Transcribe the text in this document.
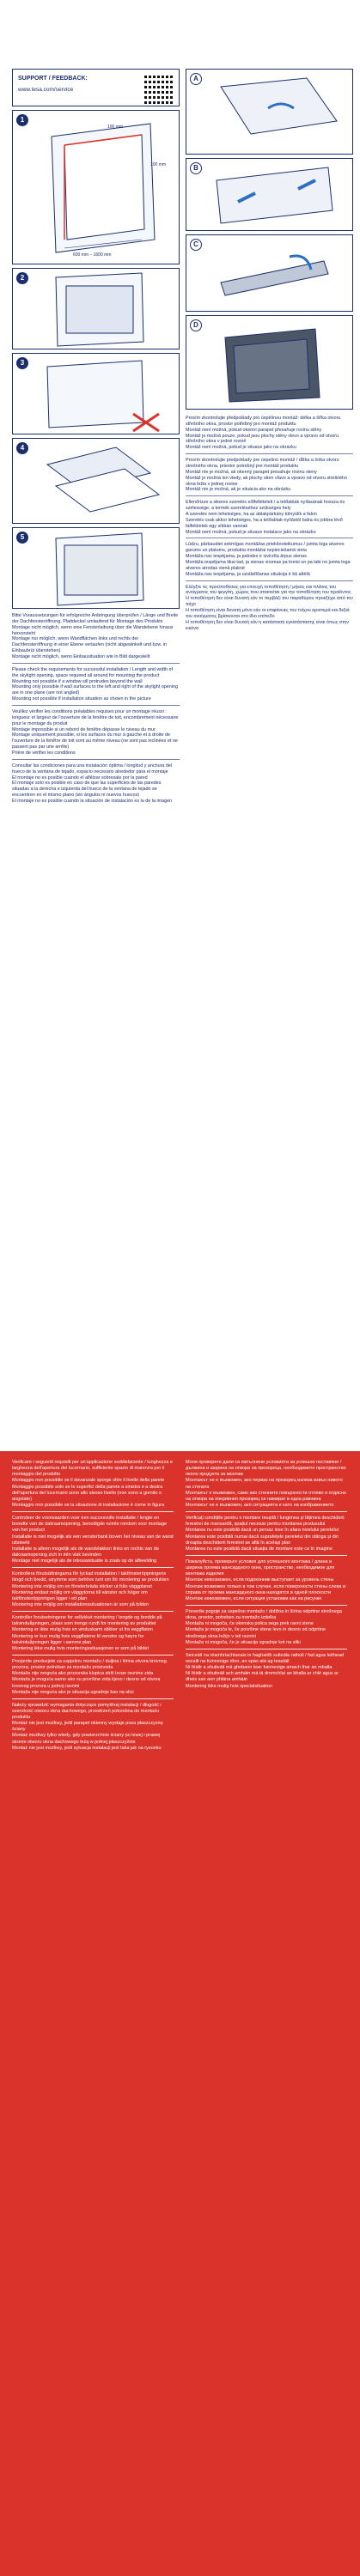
SUPPORT / FEEDBACK:
www.tesa.com/service
1
100 mm
100 mm
600 mm – 1600 mm
2
3
4
5
A
B
C
D

Bitte Voraussetzungen für erfolgreiche Anbringung überprüfen / Länge und Breite der Dachfensteröffnung, Plattdeckel umlaufend für Montage des Produkts

Montage nicht möglich, wenn eine Fensterlaibung über die Wandebene hinaus hervorsteht

Montage nur möglich, wenn Wandflächen links und rechts der Dachfensteröffnung in einer Ebene verlaufen (nicht abgewinkelt und bzw. in Einbaubrüt überstehen)

Montage nicht möglich, wenn Einbausituation wie in Bild dargestellt

Please check the requirements for successful installation / Length and width of the skylight opening, space required all around for mounting the product

Mounting not possible if a window sill protrudes beyond the wall

Mounting only possible if wall surfaces to the left and right of the skylight opening are in one plane (are not angled)

Mounting not possible if installation situation as shown in the picture

Veuillez vérifier les conditions préalables requises pour un montage réussi : longueur et largeur de l'ouverture de la fenêtre de toit, encombrement nécessaire pour le montage du produit

Montage impossible si un rebord de fenêtre dépasse le niveau du mur

Montage uniquement possible, si les surfaces du mur à gauche et à droite de l'ouverture de la fenêtre de toit sont au même niveau (ne sont pas inclinées et ne passent pas par une arrête)

Prière de vérifier les conditions

Consultar las condiciones para una instalación óptima / longitud y anchura del hueco de la ventana de tejado, espacio necesario alrededor para el montaje

El montaje no es posible cuando el alféizar sobresale por la pared

El montaje solo es posible en caso de que las superficies de las paredes situadas a la derecha e izquierda del hueco de la ventana de tejado se encuentren en el mismo plano (sin ángulos ni nuevos huecos)

El montaje no es posible cuando la situación de instalación es la de la imagen

Prosím zkontrolujte předpoklady pro úspěšnou montáž: délka a šířka otvoru střešního okna, prostor potřebný pro montáž produktu

Montáž není možná, pokud okenní parapet přesahuje rovinu stěny

Montáž je možná pouze, pokud jsou plochy stěny vlevo a vpravo od otvoru střešního okna v jedné rovině

Montáž není možná, pokud je situace jako na obrázku

Prosím skontrolujte predpoklady pre úspešnú montáž / dĺžka a šírka otvoru strešného okna, priestor potrebný pre montáž produktu

Montáž nie je možná, ak okenný parapet presahuje rovinu steny

Montáž je možná len vtedy, ak plochy stien vľavo a vpravo od otvoru strešného okna ležia v jednej rovine

Montáž nie je možná, ak je situácia ako na obrázku

Ellenőrizze a sikeres szerelés előfeltételeit / a tetőablak nyílásának hossza és szélessége, a termék szereléséhez szükséges hely

A szerelés nem lehetséges, ha az ablakpárkány túlnyúlik a falon

Szerelés csak akkor lehetséges, ha a tetőablak-nyílástól balra és jobbra lévő falfelületek egy síkban vannak

Montáž není možná, pokud je situace instalace jako na obrázku

Lūdzu, pārbaudiet sekmīgas montāžas priekšnoteikumus / jumta loga atveres garums un platums, produkta montāžai nepieciešamā vieta

Montāža nav iespējama, ja palodze ir izvirzīta ārpus sienas

Montāža iespējama tikai tad, ja sienas virsmas pa kreisi un pa labi no jumta loga atveres atrodas vienā plaknē

Montāža nav iespējama, ja uzstādīšanas situācija ir kā attēlā

Ελέγξτε τις προϋποθέσεις για επιτυχή τοποθέτηση / μήκος και πλάτος του ανοίγματος του φεγγίτη, χώρος που απαιτείται για την τοποθέτηση του προϊόντος

Η τοποθέτηση δεν είναι δυνατή εάν το περβάζι του παραθύρου προεξέχει από τον τοίχο

Η τοποθέτηση είναι δυνατή μόνο εάν οι επιφάνειες του τοίχου αριστερά και δεξιά του ανοίγματος βρίσκονται στο ίδιο επίπεδο

Η τοποθέτηση δεν είναι δυνατή εάν η κατάσταση εγκατάστασης είναι όπως στην εικόνα

Verificare i seguenti requisiti per un'applicazione soddisfacente / lunghezza e larghezza dell'apertura del lucernario, sufficiente spazio di manovra per il montaggio del prodotto

Montaggio non possibile se il davanzale sporge oltre il livello della parete

Montaggio possibile solo se le superfici della parete a sinistra e a destra dell'apertura del lucernario sono allo stesso livello (non sono a gomito o angolate)

Montaggio non possibile se la situazione di installazione è come in figura

Controleer de voorwaarden voor een succesvolle installatie / lengte en breedte van de dakraamopening, benodigde ruimte rondom voor montage van het product

Installatie is niet mogelijk als een vensterbank boven het niveau van de wand uitsteekt

Installatie is alleen mogelijk als de wandvlakken links en rechts van de dakraamopening zich in één vlak bevinden

Montage niet mogelijk als de inbouwsituatie is zoals op de afbeelding

Kontrollera förutsättningarna för lyckad installation / takfönsteröppningens längd och bredd, utrymme som behövs runt om för montering av produkten

Montering inte möjlig om en fönsterbräda sticker ut från väggplanet

Montering endast möjlig om väggytorna till vänster och höger om takfönsteröppningen ligger i ett plan

Montering inte möjlig om installationssituationen är som på bilden

Kontroller forutsetningene for vellykket montering / lengde og bredde på takvinduåpningen, plass som trengs rundt for montering av produktet

Montering er ikke mulig hvis en vinduskarm stikker ut fra veggflaten

Montering er kun mulig hvis veggflatene til venstre og høyre for takvinduåpningen ligger i samme plan

Montering ikke mulig hvis monteringssituasjonen er som på bildet

Provjerite preduvjete za uspješnu montažu / duljina i širina otvora krovnog prozora, prostor potreban za montažu proizvoda

Montaža nije moguća ako prozorska klupica strši izvan ravnine zida

Montaža je moguća samo ako su površine zida lijevo i desno od otvora krovnog prozora u jednoj ravnini

Montaža nije moguća ako je situacija ugradnje kao na slici

Należy sprawdzić wymagania dotyczące pomyślnej instalacji / długość i szerokość otworu okna dachowego, przestrzeń potrzebna do montażu produktu

Montaż nie jest możliwy, jeśli parapet okienny wystaje poza płaszczyznę ściany

Montaż możliwy tylko wtedy, gdy powierzchnie ściany po lewej i prawej stronie otworu okna dachowego leżą w jednej płaszczyźnie

Montaż nie jest możliwy, jeśli sytuacja instalacji jest taka jak na rysunku

Моля проверете дали са изпълнени условията за успешно поставяне / дължина и ширина на отвора на прозореца, необходимото пространство около продукта за монтаж

Монтажът не е възможен, ако перваз на прозорец излиза извън нивото на стената

Монтажът е възможен, само ако стенните повърхности отляво и отдясно на отвора на покривния прозорец се намират в една равнина

Монтажът не е възможен, ако ситуацията е като на изображението

Verificați condițiile pentru o montare reușită / lungimea și lățimea deschiderii ferestrei de mansardă, spațiul necesar pentru montarea produsului

Montarea nu este posibilă dacă un pervaz iese în afara nivelului peretelui

Montarea este posibilă numai dacă suprafețele peretelui din stânga și din dreapta deschiderii ferestrei se află în același plan

Montarea nu este posibilă dacă situația de montare este ca în imagine

Пожалуйста, проверьте условия для успешного монтажа / длина и ширина проема мансардного окна, пространство, необходимое для монтажа изделия

Монтаж невозможен, если подоконник выступает за уровень стены

Монтаж возможен только в том случае, если поверхности стены слева и справа от проема мансардного окна находятся в одной плоскости

Монтаж невозможен, если ситуация установки как на рисунке

Preverite pogoje za uspešno montažo / dolžina in širina odprtine strešnega okna, prostor, potreben za montažo izdelka

Montaža ni mogoča, če okenska polica sega prek ravni stene

Montaža je mogoča le, če površine stene levo in desno od odprtine strešnega okna ležijo v isti ravnini

Montaža ni mogoča, če je situacija vgradnje kot na sliki

Seiceáil na réamhriachtanais le haghaidh suiteála rathúil / fad agus leithead oscailt na fuinneoige díon, an spás atá ag teastáil

Ní féidir a shuiteáil má ghobann leac fuinneoige amach thar an mballa

Ní féidir a shuiteáil ach amháin má tá dromchlaí an bhalla ar chlé agus ar dheis san aon phlána amháin

Montering ikke mulig hvis specialsituation
